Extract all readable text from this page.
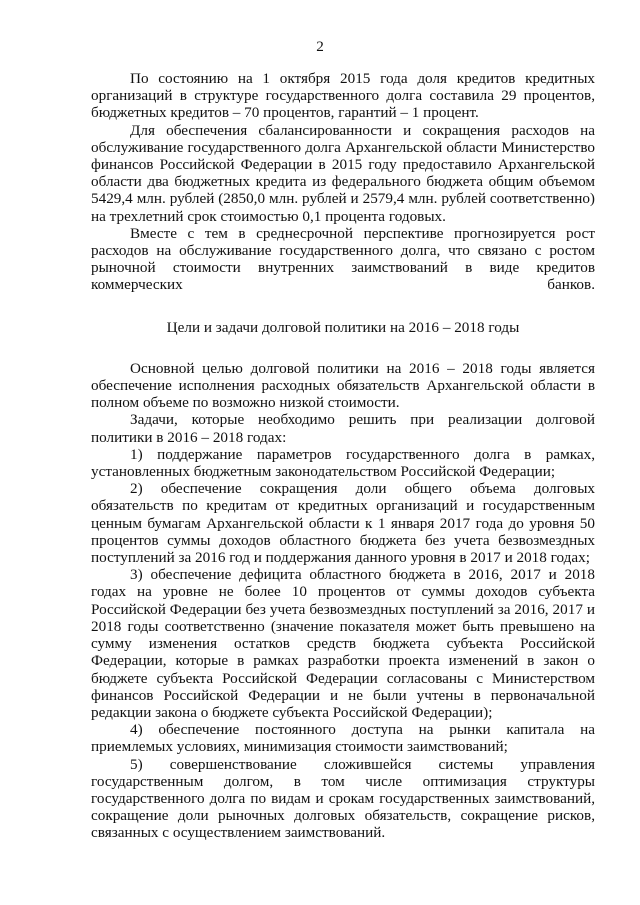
2

По состоянию на 1 октября 2015 года доля кредитов кредитных организаций в структуре государственного долга составила 29 процентов, бюджетных кредитов – 70 процентов, гарантий – 1 процент.

Для обеспечения сбалансированности и сокращения расходов на обслуживание государственного долга Архангельской области Министерство финансов Российской Федерации в 2015 году предоставило Архангельской области два бюджетных кредита из федерального бюджета общим объемом 5429,4 млн. рублей (2850,0 млн. рублей и 2579,4 млн. рублей соответственно) на трехлетний срок стоимостью 0,1 процента годовых.

Вместе с тем в среднесрочной перспективе прогнозируется рост расходов на обслуживание государственного долга, что связано с ростом рыночной стоимости внутренних заимствований в виде кредитов коммерческих банков.

Цели и задачи долговой политики на 2016 – 2018 годы

Основной целью долговой политики на 2016 – 2018 годы является обеспечение исполнения расходных обязательств Архангельской области в полном объеме по возможно низкой стоимости.

Задачи, которые необходимо решить при реализации долговой политики в 2016 – 2018 годах:

1) поддержание параметров государственного долга в рамках, установленных бюджетным законодательством Российской Федерации;

2) обеспечение сокращения доли общего объема долговых обязательств по кредитам от кредитных организаций и государственным ценным бумагам Архангельской области к 1 января 2017 года до уровня 50 процентов суммы доходов областного бюджета без учета безвозмездных поступлений за 2016 год и поддержания данного уровня в 2017 и 2018 годах;

3) обеспечение дефицита областного бюджета в 2016, 2017 и 2018 годах на уровне не более 10 процентов от суммы доходов субъекта Российской Федерации без учета безвозмездных поступлений за 2016, 2017 и 2018 годы соответственно (значение показателя может быть превышено на сумму изменения остатков средств бюджета субъекта Российской Федерации, которые в рамках разработки проекта изменений в закон о бюджете субъекта Российской Федерации согласованы с Министерством финансов Российской Федерации и не были учтены в первоначальной редакции закона о бюджете субъекта Российской Федерации);

4) обеспечение постоянного доступа на рынки капитала на приемлемых условиях, минимизация стоимости заимствований;

5) совершенствование сложившейся системы управления государственным долгом, в том числе оптимизация структуры государственного долга по видам и срокам государственных заимствований, сокращение доли рыночных долговых обязательств, сокращение рисков, связанных с осуществлением заимствований.
